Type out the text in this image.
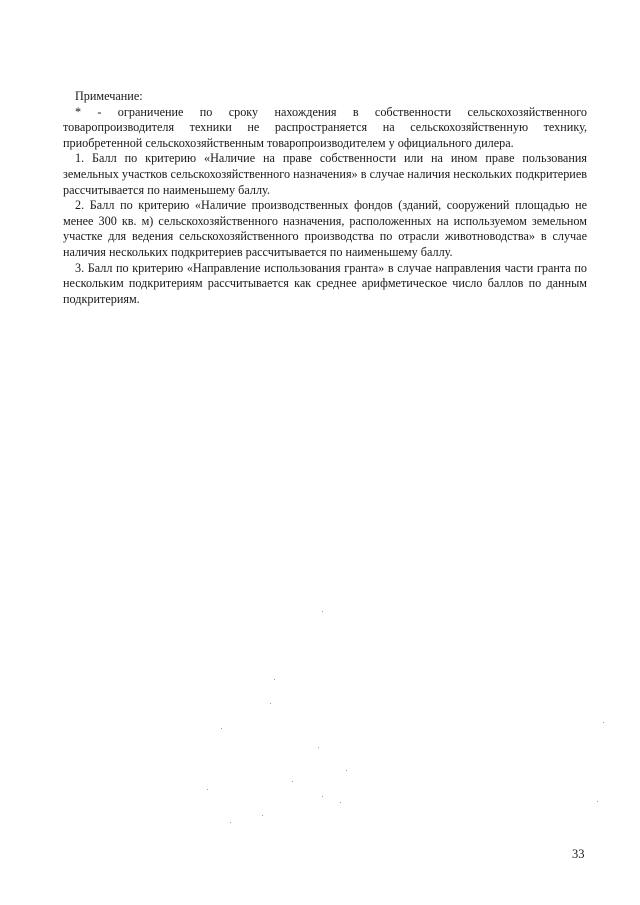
Примечание:

* - ограничение по сроку нахождения в собственности сельскохозяйственного товаропроизводителя техники не распространяется на сельскохозяйственную технику, приобретенной сельскохозяйственным товаропроизводителем у официального дилера.

1. Балл по критерию «Наличие на праве собственности или на ином праве пользования земельных участков сельскохозяйственного назначения» в случае наличия нескольких подкритериев рассчитывается по наименьшему баллу.

2. Балл по критерию «Наличие производственных фондов (зданий, сооружений площадью не менее 300 кв. м) сельскохозяйственного назначения, расположенных на используемом земельном участке для ведения сельскохозяйственного производства по отрасли животноводства» в случае наличия нескольких подкритериев рассчитывается по наименьшему баллу.

3. Балл по критерию «Направление использования гранта» в случае направления части гранта по нескольким подкритериям рассчитывается как среднее арифметическое число баллов по данным подкритериям.

33
